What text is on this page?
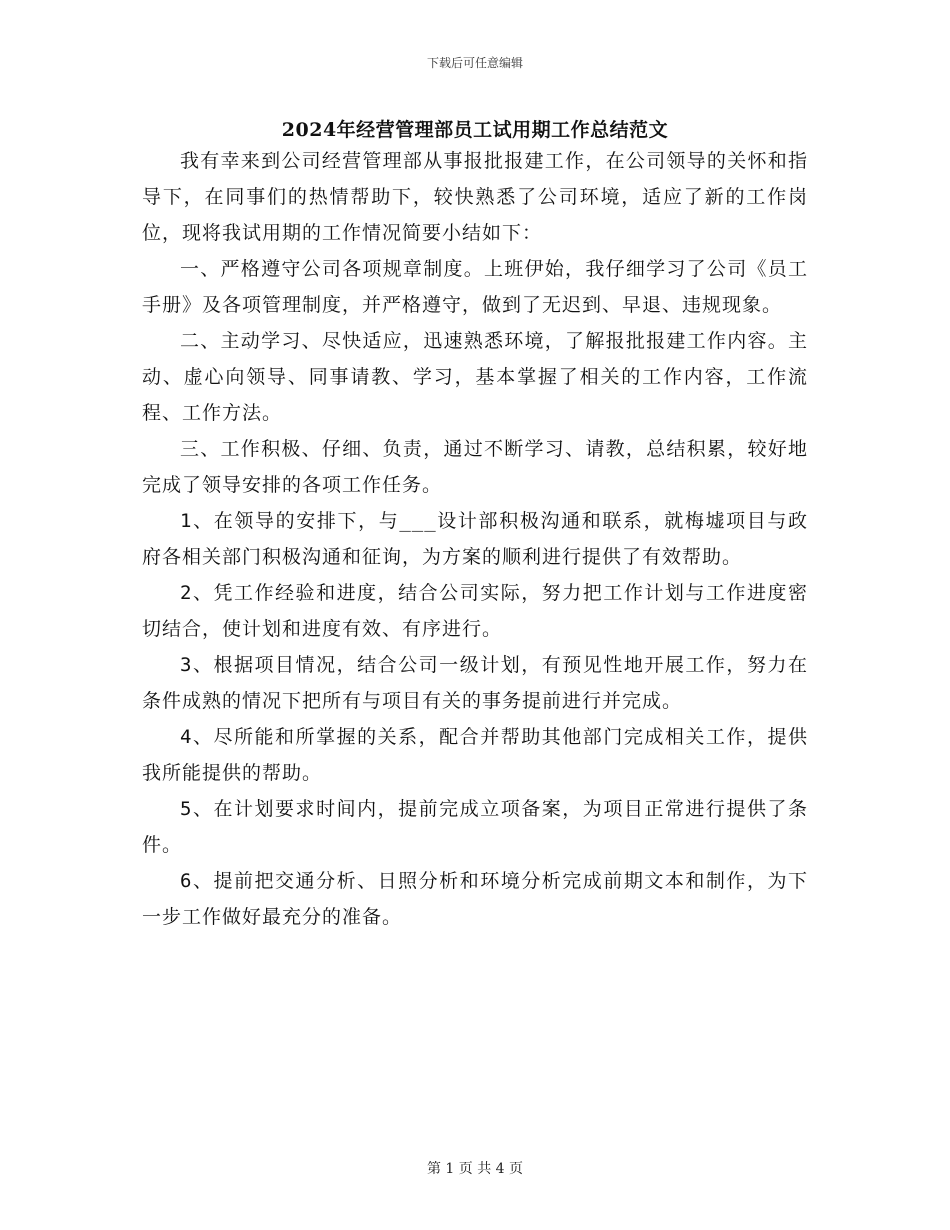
下载后可任意编辑
2024年经营管理部员工试用期工作总结范文

我有幸来到公司经营管理部从事报批报建工作，在公司领导的关怀和指导下，在同事们的热情帮助下，较快熟悉了公司环境，适应了新的工作岗位，现将我试用期的工作情况简要小结如下：

一、严格遵守公司各项规章制度。上班伊始，我仔细学习了公司《员工手册》及各项管理制度，并严格遵守，做到了无迟到、早退、违规现象。

二、主动学习、尽快适应，迅速熟悉环境，了解报批报建工作内容。主动、虚心向领导、同事请教、学习，基本掌握了相关的工作内容，工作流程、工作方法。

三、工作积极、仔细、负责，通过不断学习、请教，总结积累，较好地完成了领导安排的各项工作任务。

1、在领导的安排下，与___设计部积极沟通和联系，就梅墟项目与政府各相关部门积极沟通和征询，为方案的顺利进行提供了有效帮助。

2、凭工作经验和进度，结合公司实际，努力把工作计划与工作进度密切结合，使计划和进度有效、有序进行。

3、根据项目情况，结合公司一级计划，有预见性地开展工作，努力在条件成熟的情况下把所有与项目有关的事务提前进行并完成。

4、尽所能和所掌握的关系，配合并帮助其他部门完成相关工作，提供我所能提供的帮助。

5、在计划要求时间内，提前完成立项备案，为项目正常进行提供了条件。

6、提前把交通分析、日照分析和环境分析完成前期文本和制作，为下一步工作做好最充分的准备。

第 1 页 共 4 页
